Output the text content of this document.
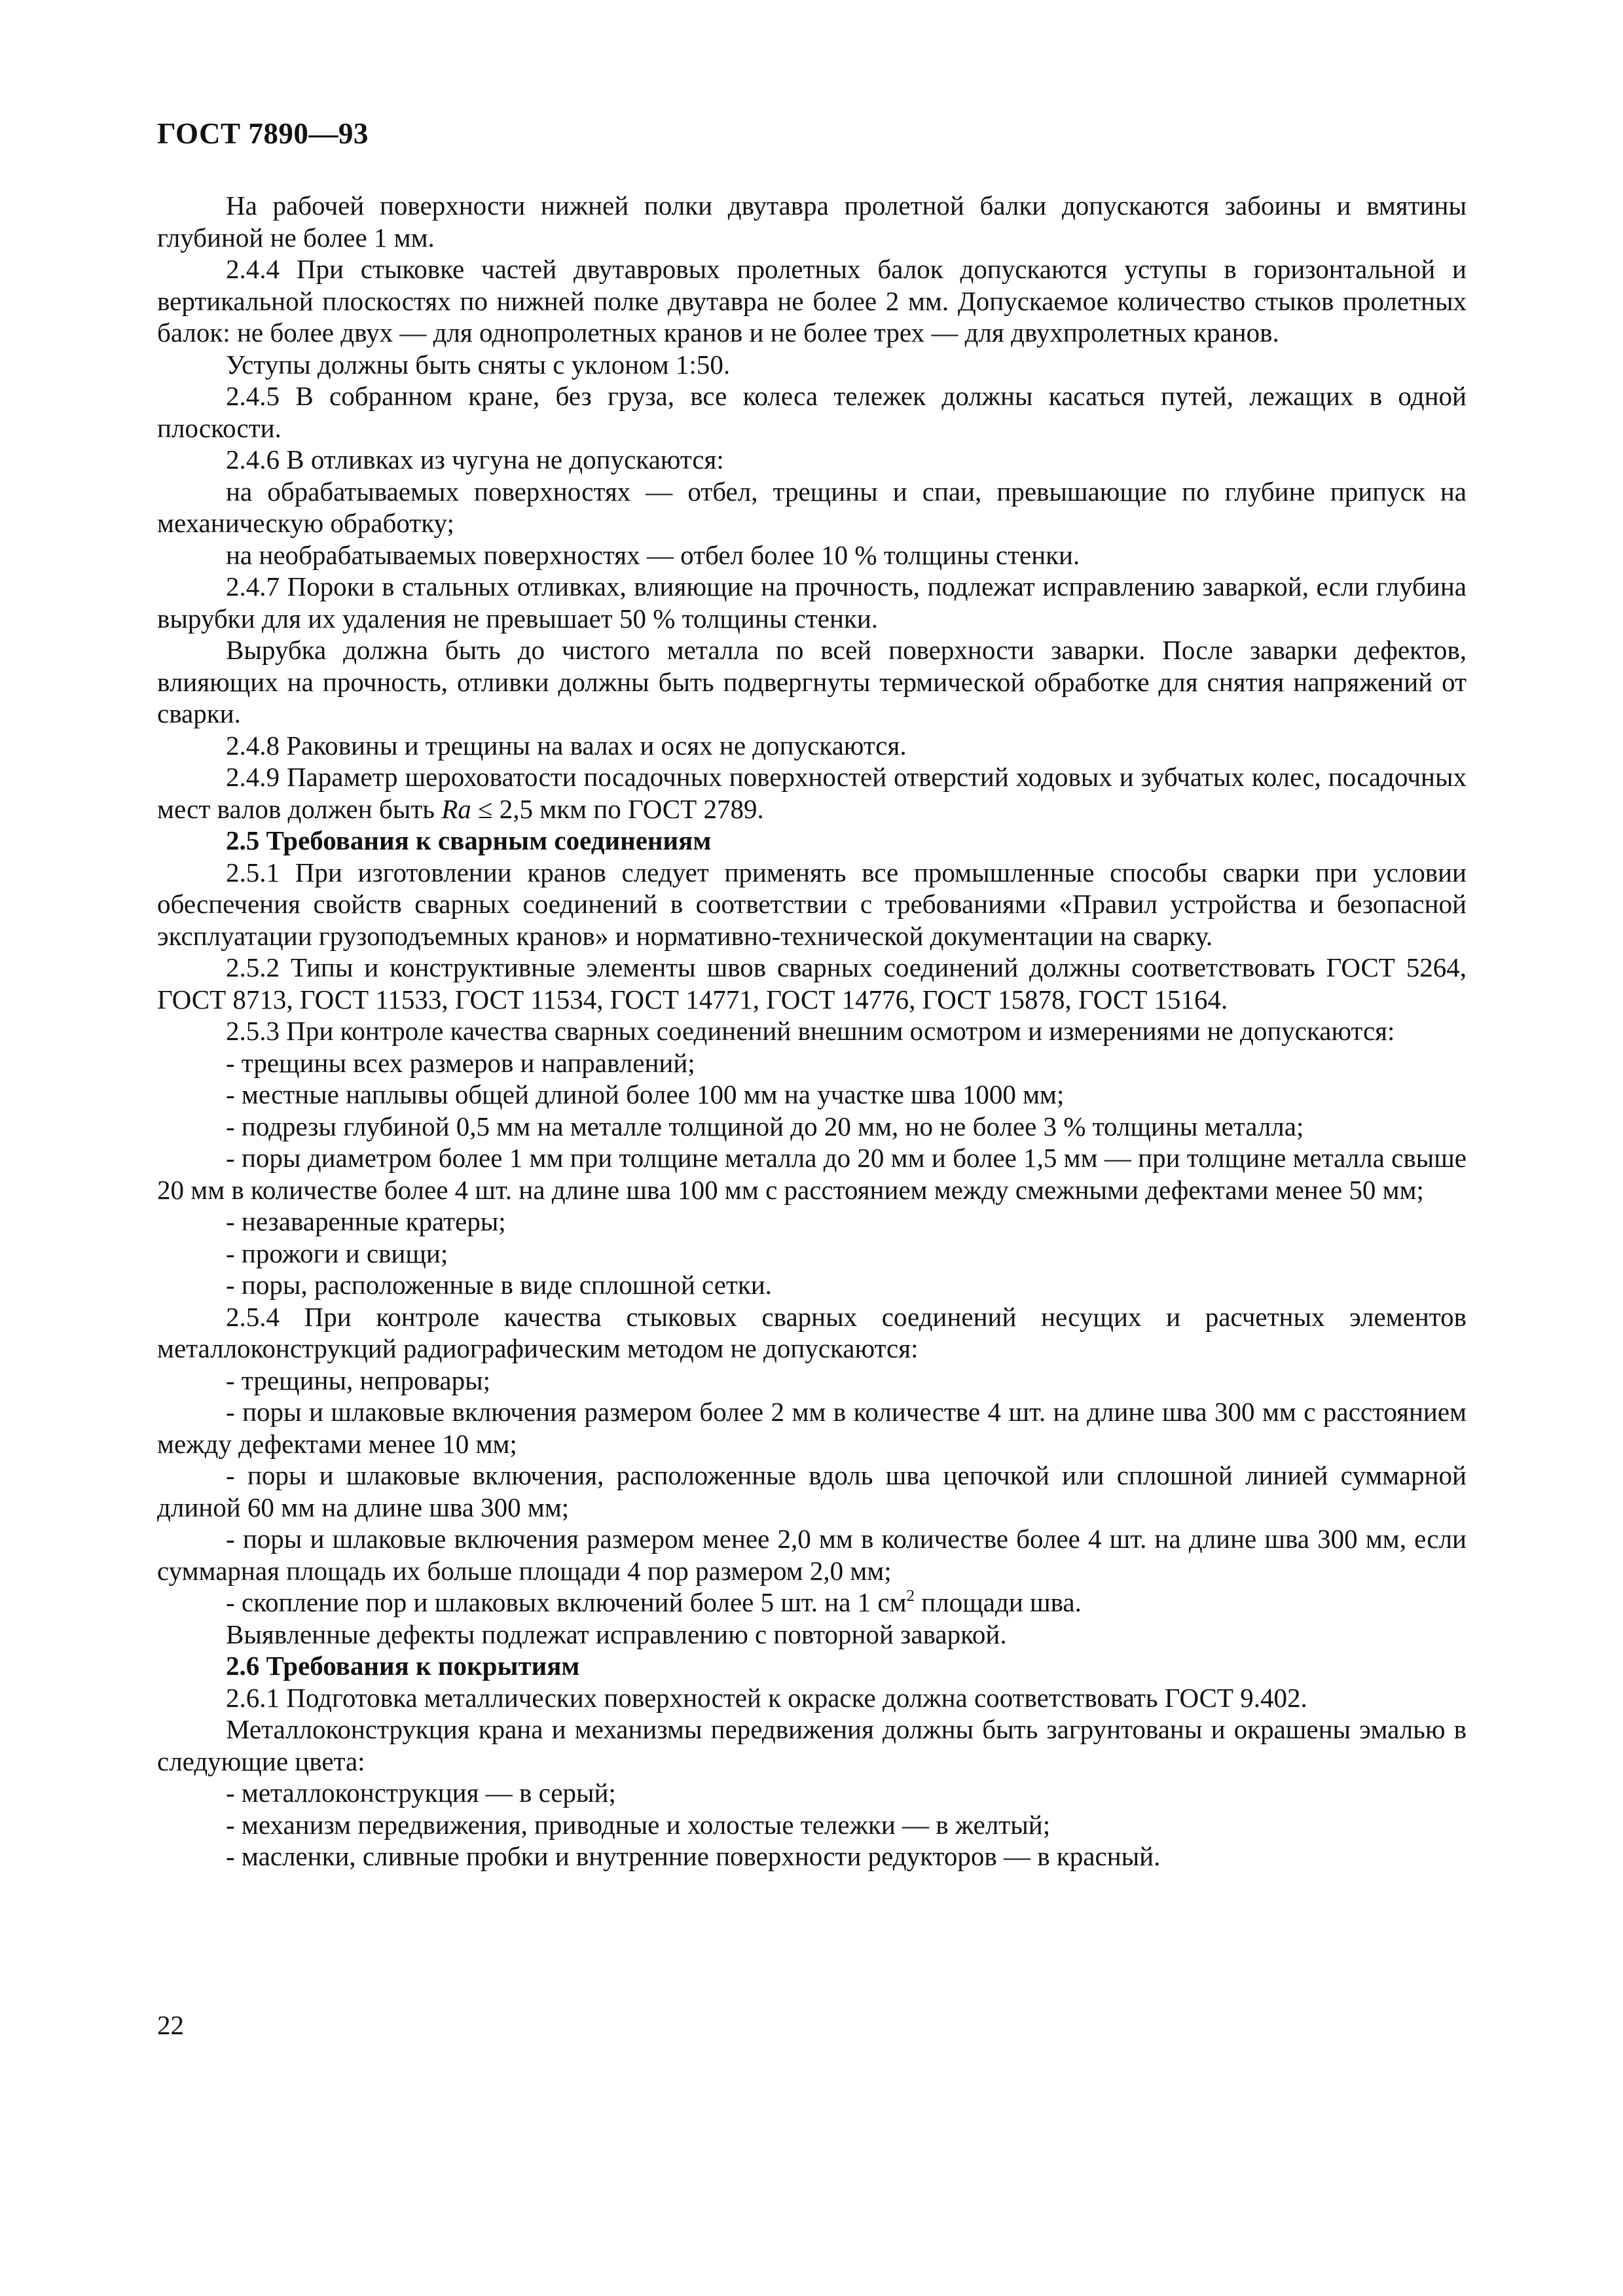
ГОСТ 7890—93

На рабочей поверхности нижней полки двутавра пролетной балки допускаются забоины и вмятины глубиной не более 1 мм.

2.4.4 При стыковке частей двутавровых пролетных балок допускаются уступы в горизонтальной и вертикальной плоскостях по нижней полке двутавра не более 2 мм. Допускаемое количество стыков пролетных балок: не более двух — для однопролетных кранов и не более трех — для двухпролетных кранов.

Уступы должны быть сняты с уклоном 1:50.

2.4.5 В собранном кране, без груза, все колеса тележек должны касаться путей, лежащих в одной плоскости.

2.4.6 В отливках из чугуна не допускаются:

на обрабатываемых поверхностях — отбел, трещины и спаи, превышающие по глубине припуск на механическую обработку;

на необрабатываемых поверхностях — отбел более 10 % толщины стенки.

2.4.7 Пороки в стальных отливках, влияющие на прочность, подлежат исправлению заваркой, если глубина вырубки для их удаления не превышает 50 % толщины стенки.

Вырубка должна быть до чистого металла по всей поверхности заварки. После заварки дефектов, влияющих на прочность, отливки должны быть подвергнуты термической обработке для снятия напряжений от сварки.

2.4.8 Раковины и трещины на валах и осях не допускаются.

2.4.9 Параметр шероховатости посадочных поверхностей отверстий ходовых и зубчатых колес, посадочных мест валов должен быть Ra ≤ 2,5 мкм по ГОСТ 2789.

2.5 Требования к сварным соединениям

2.5.1 При изготовлении кранов следует применять все промышленные способы сварки при условии обеспечения свойств сварных соединений в соответствии с требованиями «Правил устройства и безопасной эксплуатации грузоподъемных кранов» и нормативно-технической документации на сварку.

2.5.2 Типы и конструктивные элементы швов сварных соединений должны соответствовать ГОСТ 5264, ГОСТ 8713, ГОСТ 11533, ГОСТ 11534, ГОСТ 14771, ГОСТ 14776, ГОСТ 15878, ГОСТ 15164.

2.5.3 При контроле качества сварных соединений внешним осмотром и измерениями не допускаются:

- трещины всех размеров и направлений;

- местные наплывы общей длиной более 100 мм на участке шва 1000 мм;

- подрезы глубиной 0,5 мм на металле толщиной до 20 мм, но не более 3 % толщины металла;

- поры диаметром более 1 мм при толщине металла до 20 мм и более 1,5 мм — при толщине металла свыше 20 мм в количестве более 4 шт. на длине шва 100 мм с расстоянием между смежными дефектами менее 50 мм;

- незаваренные кратеры;

- прожоги и свищи;

- поры, расположенные в виде сплошной сетки.

2.5.4 При контроле качества стыковых сварных соединений несущих и расчетных элементов металлоконструкций радиографическим методом не допускаются:

- трещины, непровары;

- поры и шлаковые включения размером более 2 мм в количестве 4 шт. на длине шва 300 мм с расстоянием между дефектами менее 10 мм;

- поры и шлаковые включения, расположенные вдоль шва цепочкой или сплошной линией суммарной длиной 60 мм на длине шва 300 мм;

- поры и шлаковые включения размером менее 2,0 мм в количестве более 4 шт. на длине шва 300 мм, если суммарная площадь их больше площади 4 пор размером 2,0 мм;

- скопление пор и шлаковых включений более 5 шт. на 1 $см^2$ площади шва.

Выявленные дефекты подлежат исправлению с повторной заваркой.

2.6 Требования к покрытиям

2.6.1 Подготовка металлических поверхностей к окраске должна соответствовать ГОСТ 9.402.

Металлоконструкция крана и механизмы передвижения должны быть загрунтованы и окрашены эмалью в следующие цвета:

- металлоконструкция — в серый;

- механизм передвижения, приводные и холостые тележки — в желтый;

- масленки, сливные пробки и внутренние поверхности редукторов — в красный.

22
